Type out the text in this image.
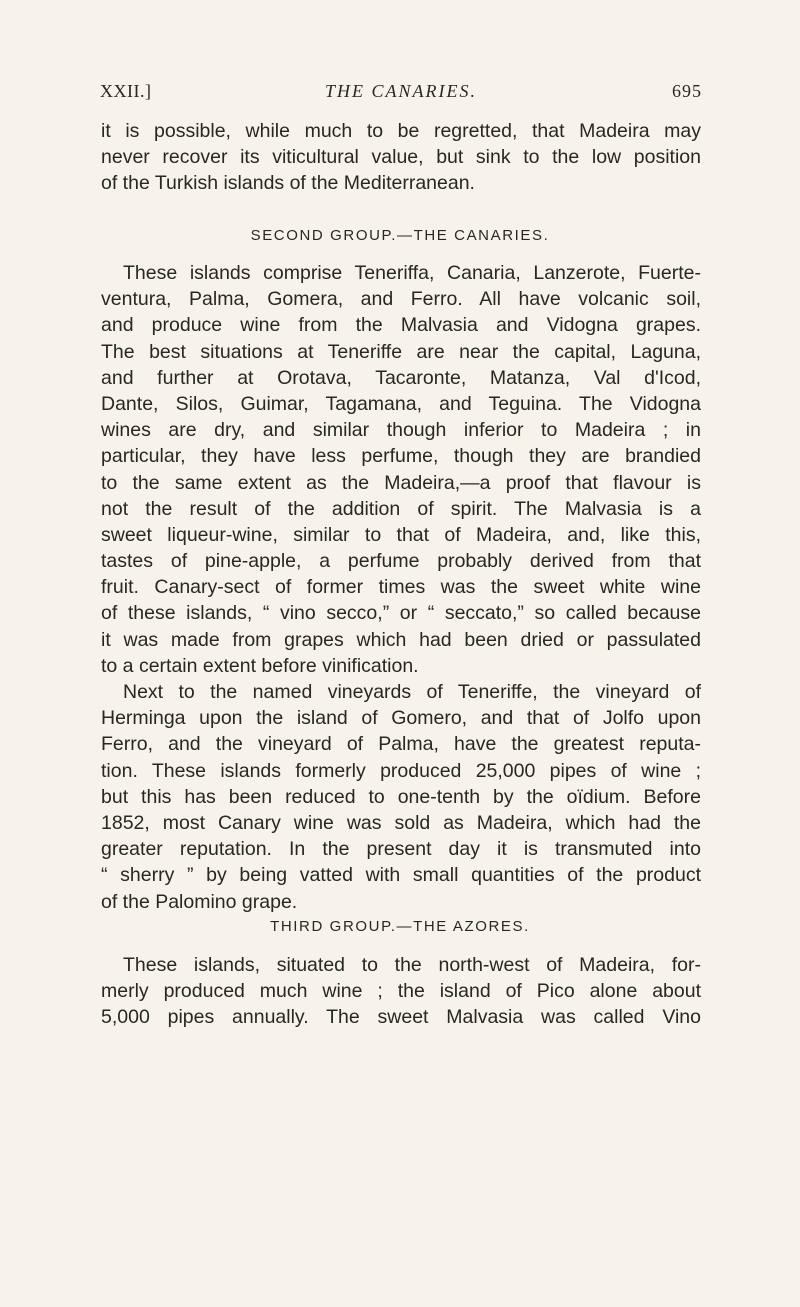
XXII.]	THE CANARIES.	695
it is possible, while much to be regretted, that Madeira may
never recover its viticultural value, but sink to the low position
of the Turkish islands of the Mediterranean.
SECOND GROUP.—THE CANARIES.
These islands comprise Teneriffa, Canaria, Lanzerote, Fuerte-
ventura, Palma, Gomera, and Ferro. All have volcanic soil,
and produce wine from the Malvasia and Vidogna grapes.
The best situations at Teneriffe are near the capital, Laguna,
and further at Orotava, Tacaronte, Matanza, Val d'Icod,
Dante, Silos, Guimar, Tagamana, and Teguina. The Vidogna
wines are dry, and similar though inferior to Madeira ; in
particular, they have less perfume, though they are brandied
to the same extent as the Madeira,—a proof that flavour is
not the result of the addition of spirit. The Malvasia is a
sweet liqueur-wine, similar to that of Madeira, and, like this,
tastes of pine-apple, a perfume probably derived from that
fruit. Canary-sect of former times was the sweet white wine
of these islands, “ vino secco,” or “ seccato,” so called because
it was made from grapes which had been dried or passulated
to a certain extent before vinification.
Next to the named vineyards of Teneriffe, the vineyard of
Herminga upon the island of Gomero, and that of Jolfo upon
Ferro, and the vineyard of Palma, have the greatest reputa-
tion. These islands formerly produced 25,000 pipes of wine ;
but this has been reduced to one-tenth by the oïdium. Before
1852, most Canary wine was sold as Madeira, which had the
greater reputation. In the present day it is transmuted into
“ sherry ” by being vatted with small quantities of the product
of the Palomino grape.
THIRD GROUP.—THE AZORES.
These islands, situated to the north-west of Madeira, for-
merly produced much wine ; the island of Pico alone about
5,000 pipes annually. The sweet Malvasia was called Vino
